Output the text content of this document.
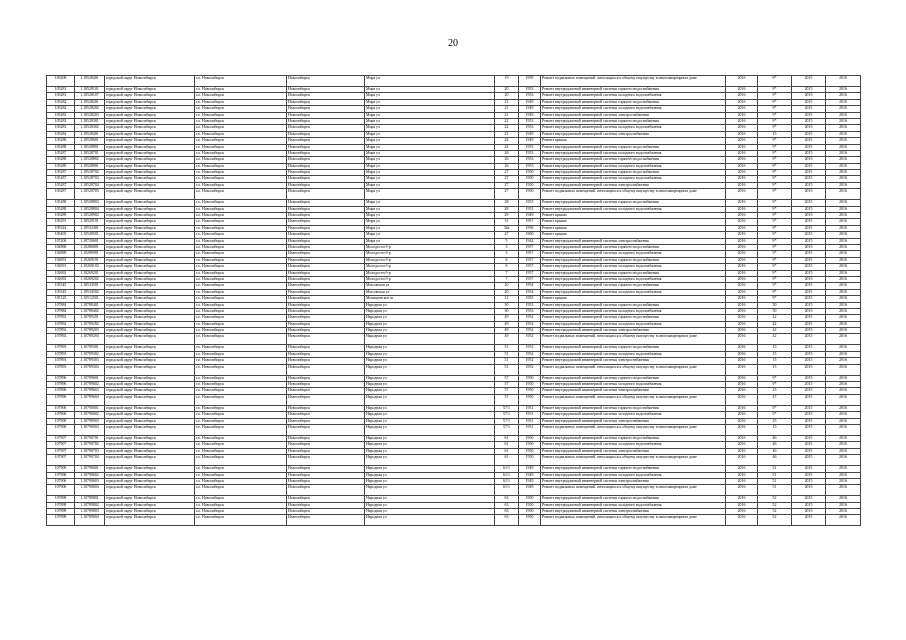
20
105208	1.10528401	городской округ Новосибирск	г.о. Новосибирск	Новосибирск	Мира ул	19	1959	Ремонт подвальных помещений, относящихся к общему имуществу в многоквартирном доме	2016	9*	2015	2016
105281	1.10528101	городской округ Новосибирск	г.о. Новосибирск	Новосибирск	Мира ул	20	1953	Ремонт внутридомовой инженерной системы горячего водоснабжения	2016	9*	2015	2016
105281	1.10528107	городской округ Новосибирск	г.о. Новосибирск	Новосибирск	Мира ул	20	1953	Ремонт внутридомовой инженерной системы холодного водоснабжения	2016	9*	2015	2016
105282	1.10528201	городской округ Новосибирск	г.о. Новосибирск	Новосибирск	Мира ул	21	1949	Ремонт внутридомовой инженерной системы горячего водоснабжения	2016	9*	2015	2016
105282	1.10528202	городской округ Новосибирск	г.о. Новосибирск	Новосибирск	Мира ул	21	1949	Ремонт внутридомовой инженерной системы холодного водоснабжения	2016	9*	2015	2016
105282	1.10528203	городской округ Новосибирск	г.о. Новосибирск	Новосибирск	Мира ул	21	1949	Ремонт внутридомовой инженерной системы электроснабжения	2016	9*	2015	2016
105283	1.10528301	городской округ Новосибирск	г.о. Новосибирск	Новосибирск	Мира ул	22	1953	Ремонт внутридомовой инженерной системы горячего водоснабжения	2016	9*	2015	2016
105283	1.10528302	городской округ Новосибирск	г.о. Новосибирск	Новосибирск	Мира ул	22	1953	Ремонт внутридомовой инженерной системы холодного водоснабжения	2016	9*	2015	2016
105284	1.10528401	городской округ Новосибирск	г.о. Новосибирск	Новосибирск	Мира ул	23	1949	Ремонт внутридомовой инженерной системы электроснабжения	2016	15	2015	2016
105286	1.10528601	городской округ Новосибирск	г.о. Новосибирск	Новосибирск	Мира ул	24	1949	Ремонт крыши	2016	9*	2015	2016
105288	1.10528801	городской округ Новосибирск	г.о. Новосибирск	Новосибирск	Мира ул	24	1953	Ремонт внутридомовой инженерной системы горячего водоснабжения	2016	9*	2015	2016
105287	1.10528701	городской округ Новосибирск	г.о. Новосибирск	Новосибирск	Мира ул	26	1953	Ремонт внутридомовой инженерной системы холодного водоснабжения	2016	9*	2015	2016
105288	1.10528802	городской округ Новосибирск	г.о. Новосибирск	Новосибирск	Мира ул	26	1953	Ремонт внутридомовой инженерной системы горячего водоснабжения	2016	9*	2015	2016
105289	1.10528901	городской округ Новосибирск	г.о. Новосибирск	Новосибирск	Мира ул	26	1953	Ремонт внутридомовой инженерной системы холодного водоснабжения	2016	9*	2015	2016
105287	1.10528702	городской округ Новосибирск	г.о. Новосибирск	Новосибирск	Мира ул	27	1950	Ремонт внутридомовой инженерной системы горячего водоснабжения	2016	9*	2015	2016
105287	1.10528703	городской округ Новосибирск	г.о. Новосибирск	Новосибирск	Мира ул	27	1950	Ремонт внутридомовой инженерной системы холодного водоснабжения	2016	9*	2015	2016
105287	1.10528704	городской округ Новосибирск	г.о. Новосибирск	Новосибирск	Мира ул	27	1950	Ремонт внутридомовой инженерной системы электроснабжения	2016	9*	2015	2016
105287	1.10528705	городской округ Новосибирск	г.о. Новосибирск	Новосибирск	Мира ул	27	1950	Ремонт подвальных помещений, относящихся к общему имуществу в многоквартирном доме	2016	9*	2015	2016
105288	1.10528803	городской округ Новосибирск	г.о. Новосибирск	Новосибирск	Мира ул	28	1953	Ремонт внутридомовой инженерной системы горячего водоснабжения	2016	9*	2015	2016
105288	1.10528804	городской округ Новосибирск	г.о. Новосибирск	Новосибирск	Мира ул	28	1953	Ремонт внутридомовой инженерной системы холодного водоснабжения	2016	9*	2015	2016
105289	1.10528902	городской округ Новосибирск	г.о. Новосибирск	Новосибирск	Мира ул	29	1949	Ремонт крыши	2016	9*	2015	2016
105291	1.10529101	городской округ Новосибирск	г.о. Новосибирск	Новосибирск	Мира ул	31	1957	Ремонт крыши	2016	9*	2015	2016
105324	1.10532401	городской округ Новосибирск	г.о. Новосибирск	Новосибирск	Мира ул	34а	1956	Ремонт крыши	2016	9*	2015	2016
105405	1.10540501	городской округ Новосибирск	г.о. Новосибирск	Новосибирск	Мира ул	47	1960	Ремонт крыши	2016	9*	2015	2016
107206	1.10720601	городской округ Новосибирск	г.о. Новосибирск	Новосибирск	Мира ул	5	1944	Ремонт внутридомовой инженерной системы электроснабжения	2016	9*	2015	2016
102868	1.10286801	городской округ Новосибирск	г.о. Новосибирск	Новосибирск	Молодости б-р	3	1957	Ремонт внутридомовой инженерной системы горячего водоснабжения	2016	9*	2015	2016
102869	1.10286901	городской округ Новосибирск	г.о. Новосибирск	Новосибирск	Молодости б-р	3	1957	Ремонт внутридомовой инженерной системы холодного водоснабжения	2016	9*	2015	2016
102691	1.10269101	городской округ Новосибирск	г.о. Новосибирск	Новосибирск	Молодости б-р	6	1957	Ремонт внутридомовой инженерной системы горячего водоснабжения	2016	9*	2015	2016
102691	1.10269102	городской округ Новосибирск	г.о. Новосибирск	Новосибирск	Молодости б-р	6	1957	Ремонт внутридомовой инженерной системы холодного водоснабжения	2016	9*	2015	2016
102692	1.10269201	городской округ Новосибирск	г.о. Новосибирск	Новосибирск	Молодости б-р	7	1957	Ремонт внутридомовой инженерной системы горячего водоснабжения	2016	9*	2015	2016
102692	1.10269202	городской округ Новосибирск	г.о. Новосибирск	Новосибирск	Молодости б-р	7	1957	Ремонт внутридомовой инженерной системы холодного водоснабжения	2016	9*	2015	2016
105345	1.10534501	городской округ Новосибирск	г.о. Новосибирск	Новосибирск	Мысовская ул	20	1954	Ремонт внутридомовой инженерной системы горячего водоснабжения	2016	9*	2015	2016
105345	1.10534502	городской округ Новосибирск	г.о. Новосибирск	Новосибирск	Мысовская ул	20	1954	Ремонт внутридомовой инженерной системы холодного водоснабжения	2016	9*	2015	2016
105125	1.10512501	городской округ Новосибирск	г.о. Новосибирск	Новосибирск	Мочищенское ш	12	1955	Ремонт крыши	2016	9*	2015	2016
107884	1.10788401	городской округ Новосибирск	г.о. Новосибирск	Новосибирск	Народная ул	30	1953	Ремонт внутридомовой инженерной системы горячего водоснабжения	2016	50	2015	2016
107884	1.10788402	городской округ Новосибирск	г.о. Новосибирск	Новосибирск	Народная ул	30	1953	Ремонт внутридомовой инженерной системы холодного водоснабжения	2016	50	2015	2016
107892	1.10789201	городской округ Новосибирск	г.о. Новосибирск	Новосибирск	Народная ул	49	1952	Ремонт внутридомовой инженерной системы горячего водоснабжения	2016	42	2015	2016
107892	1.10789202	городской округ Новосибирск	г.о. Новосибирск	Новосибирск	Народная ул	49	1952	Ремонт внутридомовой инженерной системы холодного водоснабжения	2016	42	2015	2016
107892	1.10789203	городской округ Новосибирск	г.о. Новосибирск	Новосибирск	Народная ул	49	1952	Ремонт внутридомовой инженерной системы электроснабжения	2016	42	2015	2016
107892	1.10789204	городской округ Новосибирск	г.о. Новосибирск	Новосибирск	Народная ул	49	1952	Ремонт подвальных помещений, относящихся к общему имуществу в многоквартирном доме	2016	42	2015	2016
107893	1.10789301	городской округ Новосибирск	г.о. Новосибирск	Новосибирск	Народная ул	51	1952	Ремонт внутридомовой инженерной системы горячего водоснабжения	2016	15	2015	2016
107893	1.10789302	городской округ Новосибирск	г.о. Новосибирск	Новосибирск	Народная ул	51	1952	Ремонт внутридомовой инженерной системы холодного водоснабжения	2016	15	2015	2016
107893	1.10789303	городской округ Новосибирск	г.о. Новосибирск	Новосибирск	Народная ул	51	1952	Ремонт внутридомовой инженерной системы электроснабжения	2016	15	2015	2016
107893	1.10789304	городской округ Новосибирск	г.о. Новосибирск	Новосибирск	Народная ул	51	1952	Ремонт подвальных помещений, относящихся к общему имуществу в многоквартирном доме	2016	15	2015	2016
107896	1.10789601	городской округ Новосибирск	г.о. Новосибирск	Новосибирск	Народная ул	57	1950	Ремонт внутридомовой инженерной системы горячего водоснабжения	2016	9*	2015	2016
107896	1.10789602	городской округ Новосибирск	г.о. Новосибирск	Новосибирск	Народная ул	57	1950	Ремонт внутридомовой инженерной системы холодного водоснабжения	2016	9*	2015	2016
107896	1.10789603	городской округ Новосибирск	г.о. Новосибирск	Новосибирск	Народная ул	57	1950	Ремонт внутридомовой инженерной системы электроснабжения	2016	23	2015	2016
107896	1.10789604	городской округ Новосибирск	г.о. Новосибирск	Новосибирск	Народная ул	57	1950	Ремонт подвальных помещений, относящихся к общему имуществу в многоквартирном доме	2016	47	2015	2016
107900	1.10790001	городской округ Новосибирск	г.о. Новосибирск	Новосибирск	Народная ул	57/1	1951	Ремонт внутридомовой инженерной системы горячего водоснабжения	2016	9*	2015	2016
107900	1.10790002	городской округ Новосибирск	г.о. Новосибирск	Новосибирск	Народная ул	57/1	1951	Ремонт внутридомовой инженерной системы холодного водоснабжения	2016	9*	2015	2016
107900	1.10790003	городской округ Новосибирск	г.о. Новосибирск	Новосибирск	Народная ул	57/1	1951	Ремонт внутридомовой инженерной системы электроснабжения	2016	25	2015	2016
107900	1.10790004	городской округ Новосибирск	г.о. Новосибирск	Новосибирск	Народная ул	57/1	1951	Ремонт подвальных помещений, относящихся к общему имуществу в многоквартирном доме	2016	15	2015	2016
107907	1.10790701	городской округ Новосибирск	г.о. Новосибирск	Новосибирск	Народная ул	61	1950	Ремонт внутридомовой инженерной системы горячего водоснабжения	2016	46	2015	2016
107907	1.10790702	городской округ Новосибирск	г.о. Новосибирск	Новосибирск	Народная ул	61	1950	Ремонт внутридомовой инженерной системы холодного водоснабжения	2016	46	2015	2016
107907	1.10790703	городской округ Новосибирск	г.о. Новосибирск	Новосибирск	Народная ул	61	1950	Ремонт внутридомовой инженерной системы электроснабжения	2016	46	2015	2016
107907	1.10790704	городской округ Новосибирск	г.о. Новосибирск	Новосибирск	Народная ул	61	1950	Ремонт подвальных помещений, относящихся к общему имуществу в многоквартирном доме	2016	46	2015	2016
107906	1.10790601	городской округ Новосибирск	г.о. Новосибирск	Новосибирск	Народная ул	61/1	1949	Ремонт внутридомовой инженерной системы горячего водоснабжения	2016	51	2015	2016
107906	1.10790602	городской округ Новосибирск	г.о. Новосибирск	Новосибирск	Народная ул	61/1	1949	Ремонт внутридомовой инженерной системы холодного водоснабжения	2016	51	2015	2016
107906	1.10790603	городской округ Новосибирск	г.о. Новосибирск	Новосибирск	Народная ул	61/1	1949	Ремонт внутридомовой инженерной системы электроснабжения	2016	51	2015	2016
107906	1.10790604	городской округ Новосибирск	г.о. Новосибирск	Новосибирск	Народная ул	61/1	1949	Ремонт подвальных помещений, относящихся к общему имуществу в многоквартирном доме	2016	51	2015	2016
107898	1.10789801	городской округ Новосибирск	г.о. Новосибирск	Новосибирск	Народная ул	63	1950	Ремонт внутридомовой инженерной системы горячего водоснабжения	2016	52	2015	2016
107898	1.10789802	городской округ Новосибирск	г.о. Новосибирск	Новосибирск	Народная ул	63	1950	Ремонт внутридомовой инженерной системы холодного водоснабжения	2016	52	2015	2016
107898	1.10789803	городской округ Новосибирск	г.о. Новосибирск	Новосибирск	Народная ул	63	1950	Ремонт внутридомовой инженерной системы электроснабжения	2016	52	2015	2016
107898	1.10789804	городской округ Новосибирск	г.о. Новосибирск	Новосибирск	Народная ул	63	1950	Ремонт подвальных помещений, относящихся к общему имуществу в многоквартирном доме	2016	52	2015	2016
